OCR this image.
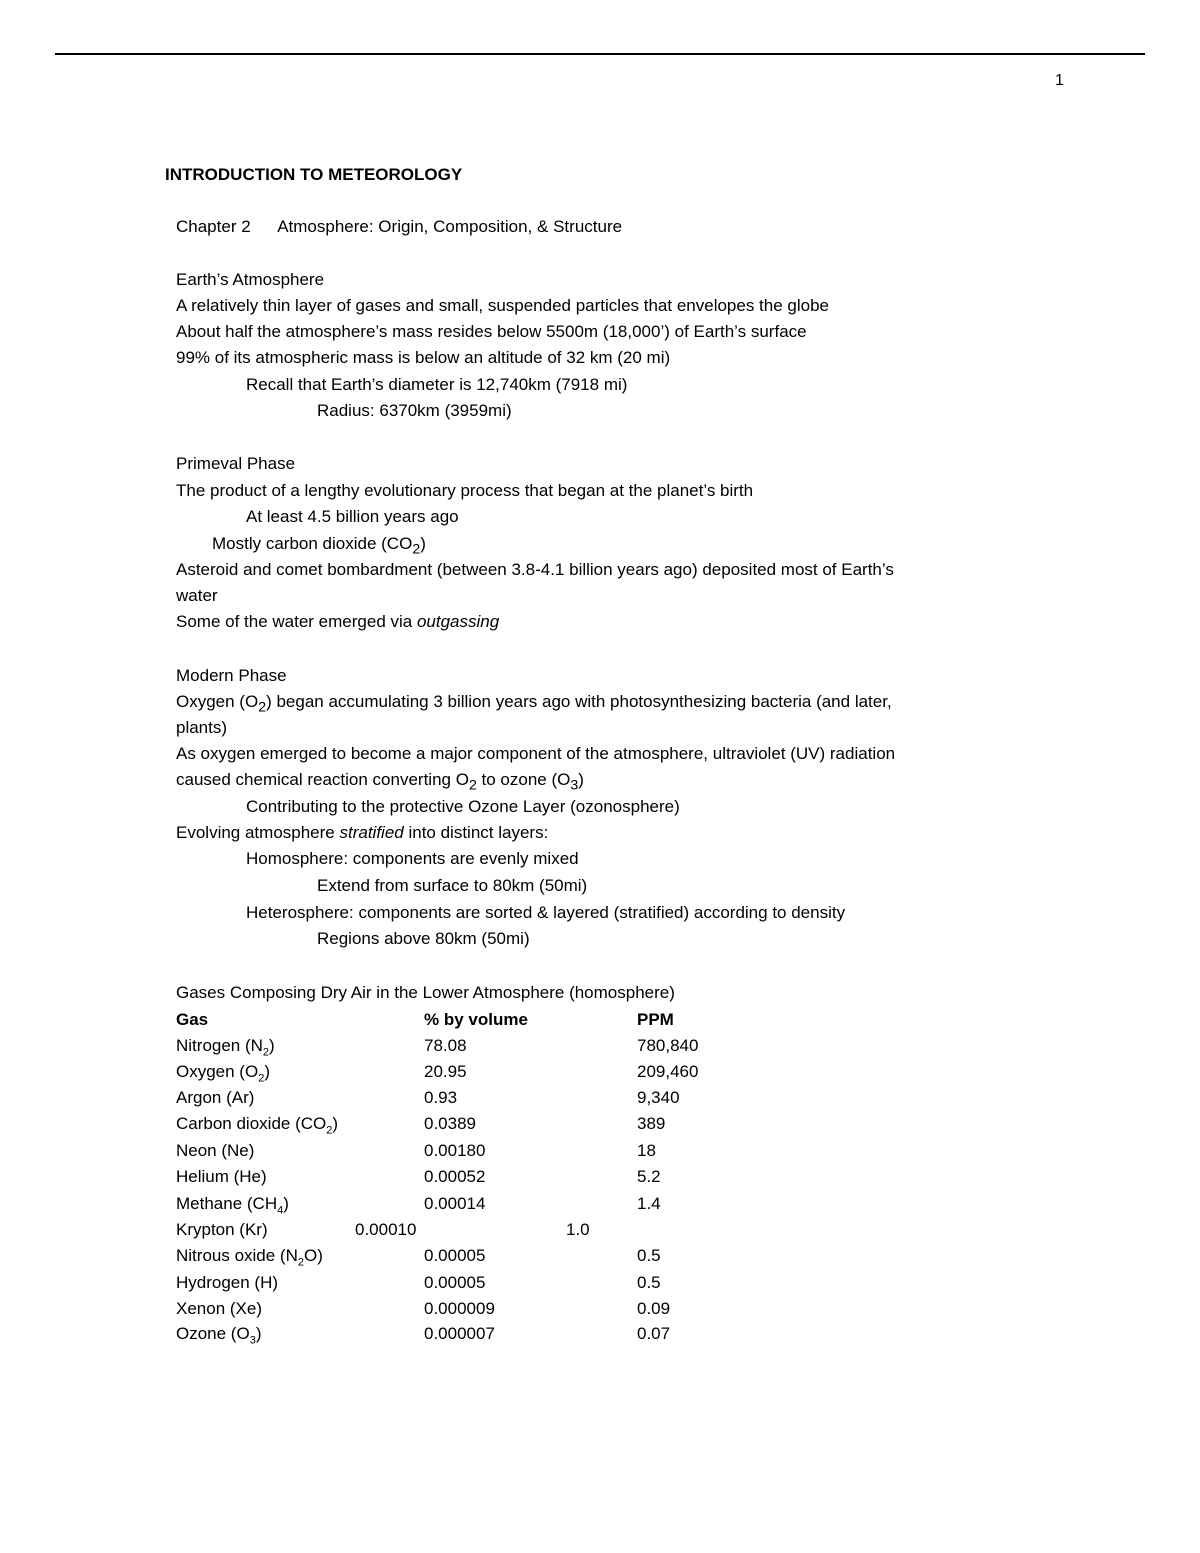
1
INTRODUCTION TO METEOROLOGY
Chapter 2 Atmosphere: Origin, Composition, & Structure
Earth’s Atmosphere
A relatively thin layer of gases and small, suspended particles that envelopes the globe
About half the atmosphere’s mass resides below 5500m (18,000’) of Earth’s surface
99% of its atmospheric mass is below an altitude of 32 km (20 mi)
Recall that Earth’s diameter is 12,740km (7918 mi)
Radius: 6370km (3959mi)
Primeval Phase
The product of a lengthy evolutionary process that began at the planet’s birth
At least 4.5 billion years ago
Mostly carbon dioxide $(CO_2)$
Asteroid and comet bombardment (between 3.8-4.1 billion years ago) deposited most of Earth’s
water
Some of the water emerged via outgassing
Modern Phase
Oxygen $(O_2)$ began accumulating 3 billion years ago with photosynthesizing bacteria (and later,
plants)
As oxygen emerged to become a major component of the atmosphere, ultraviolet (UV) radiation
caused chemical reaction converting $O_2$ to ozone $(O_3)$
Contributing to the protective Ozone Layer (ozonosphere)
Evolving atmosphere stratified into distinct layers:
Homosphere: components are evenly mixed
Extend from surface to 80km (50mi)
Heterosphere: components are sorted & layered (stratified) according to density
Regions above 80km (50mi)
Gases Composing Dry Air in the Lower Atmosphere (homosphere)
Gas	% by volume	PPM
Nitrogen $(N_2)$	78.08	780,840
Oxygen $(O_2)$	20.95	209,460
Argon (Ar)	0.93	9,340
Carbon dioxide $(CO_2)$	0.0389	389
Neon (Ne)	0.00180	18
Helium (He)	0.00052	5.2
Methane $(CH_4)$	0.00014	1.4
Krypton (Kr)	0.00010	1.0
Nitrous oxide $(N_2O)$	0.00005	0.5
Hydrogen (H)	0.00005	0.5
Xenon (Xe)	0.000009	0.09
Ozone $(O_3)$	0.000007	0.07
